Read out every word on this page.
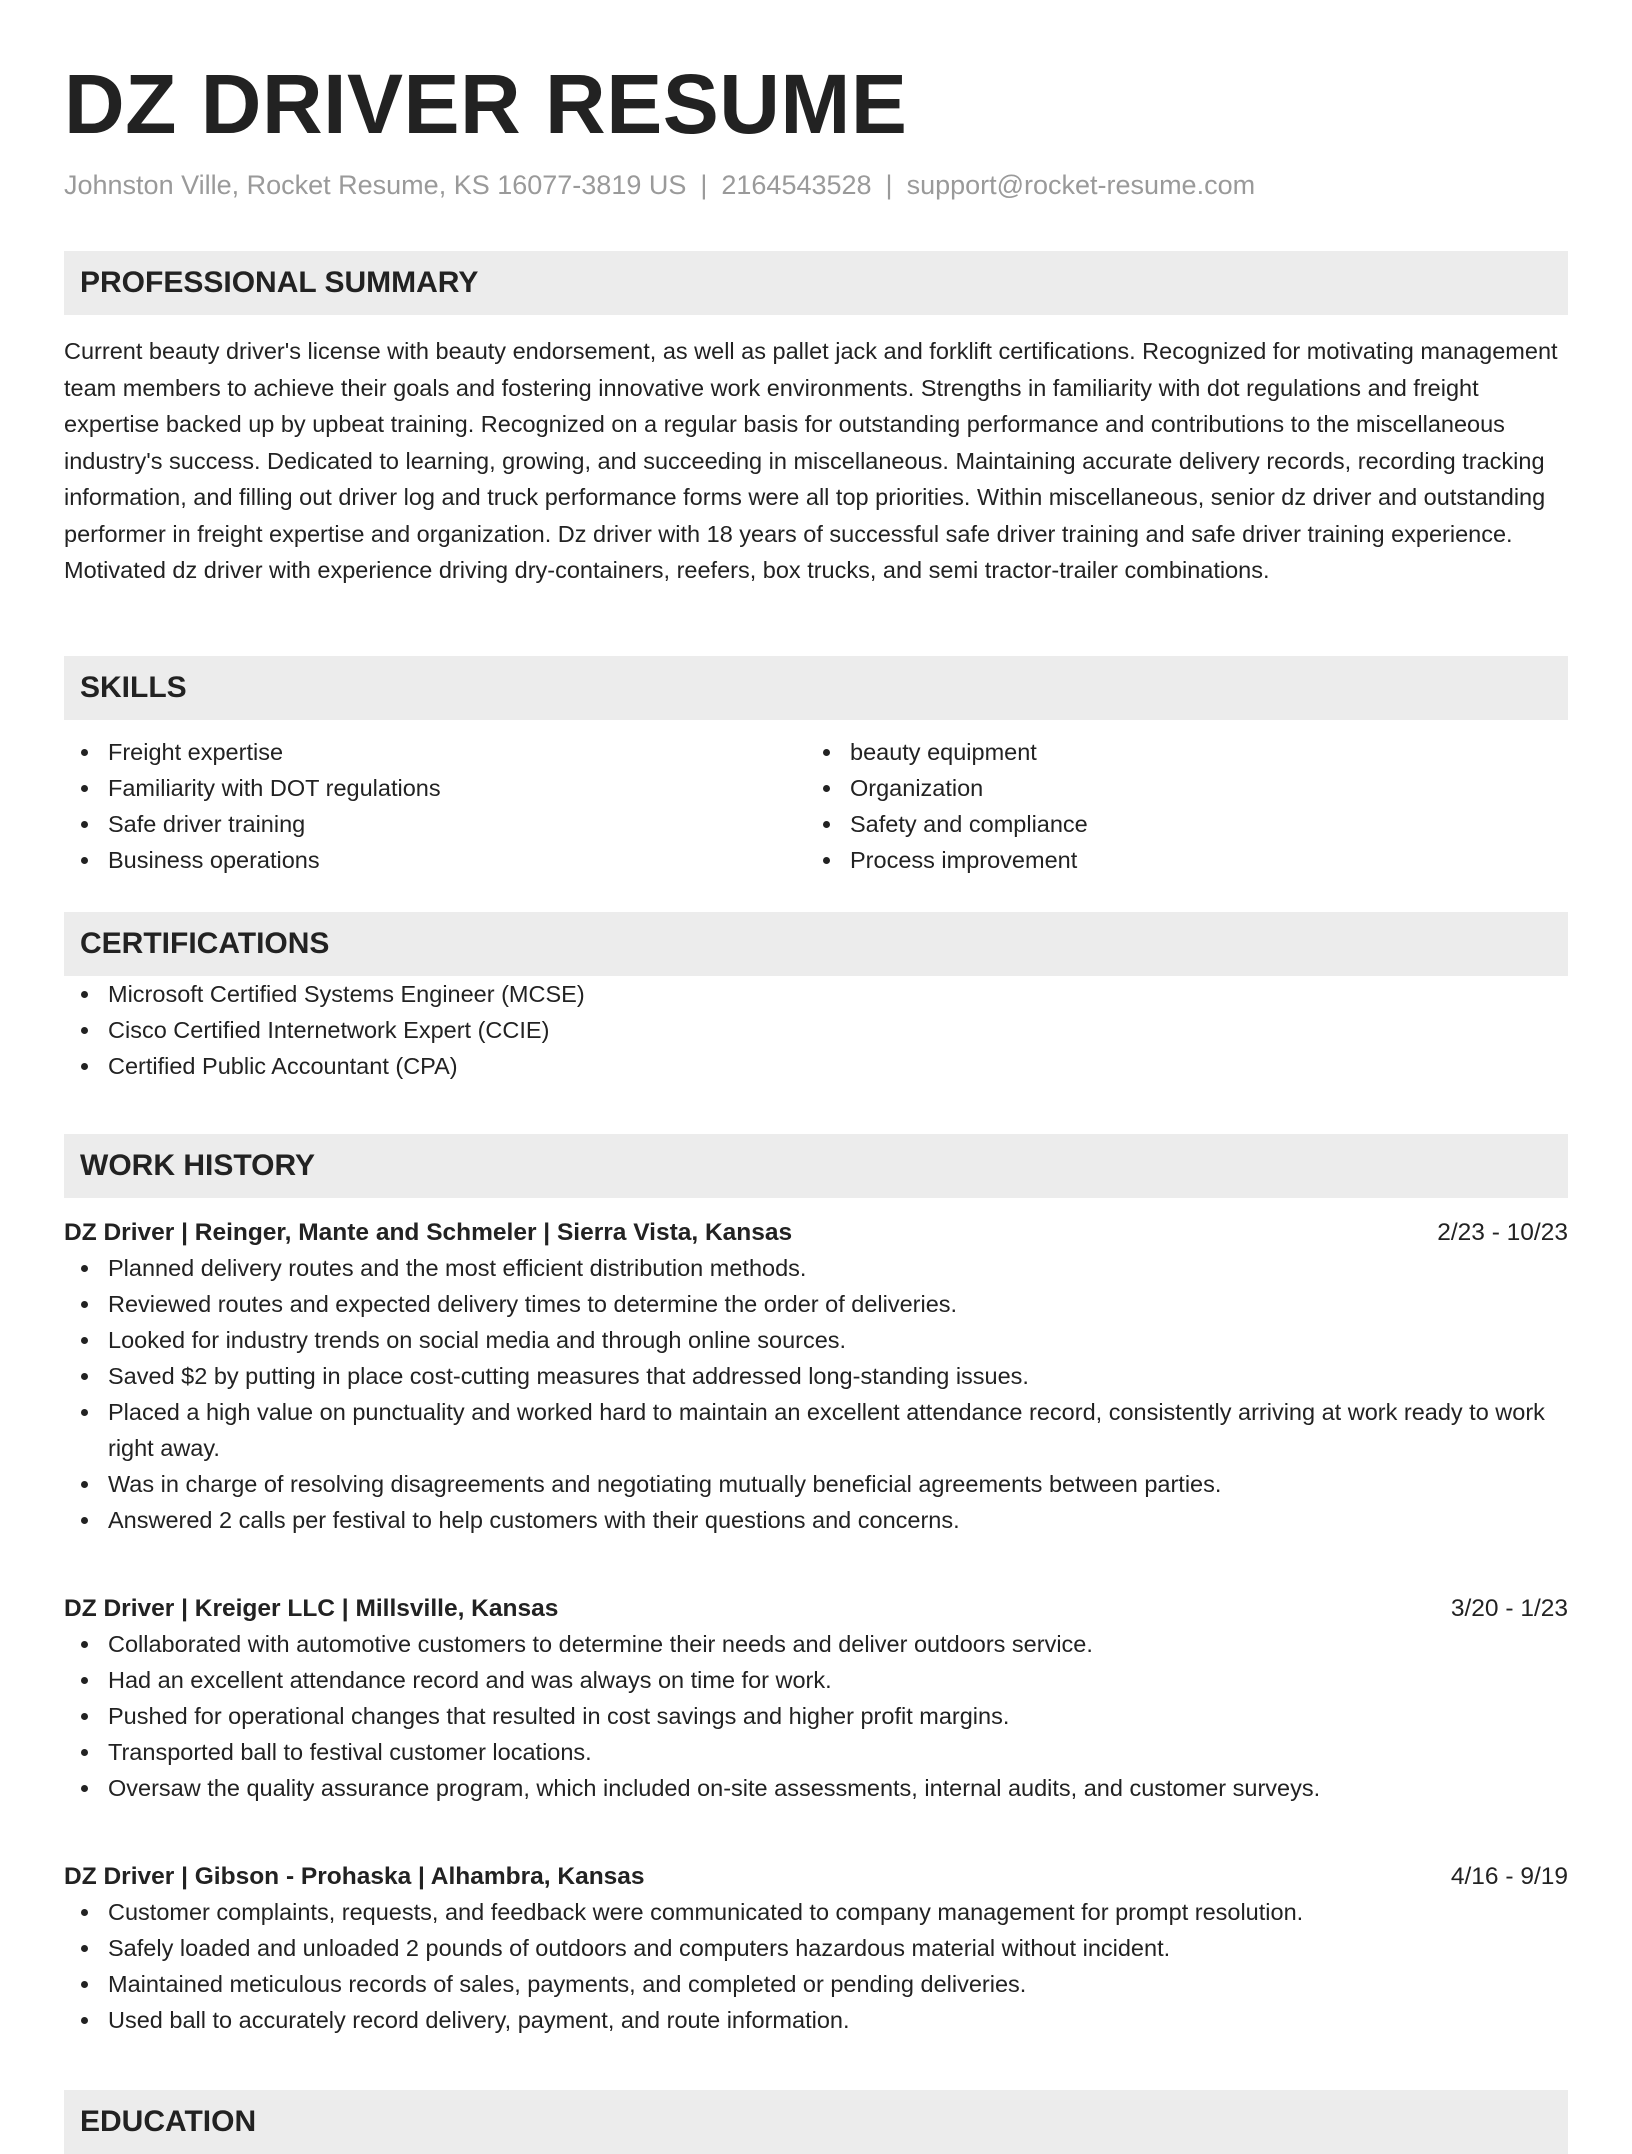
DZ DRIVER RESUME
Johnston Ville, Rocket Resume, KS 16077-3819 US | 2164543528 | support@rocket-resume.com
PROFESSIONAL SUMMARY

Current beauty driver's license with beauty endorsement, as well as pallet jack and forklift certifications. Recognized for motivating management team members to achieve their goals and fostering innovative work environments. Strengths in familiarity with dot regulations and freight expertise backed up by upbeat training. Recognized on a regular basis for outstanding performance and contributions to the miscellaneous industry's success. Dedicated to learning, growing, and succeeding in miscellaneous. Maintaining accurate delivery records, recording tracking information, and filling out driver log and truck performance forms were all top priorities. Within miscellaneous, senior dz driver and outstanding performer in freight expertise and organization. Dz driver with 18 years of successful safe driver training and safe driver training experience. Motivated dz driver with experience driving dry-containers, reefers, box trucks, and semi tractor-trailer combinations.

SKILLS
Freight expertise
Familiarity with DOT regulations
Safe driver training
Business operations
beauty equipment
Organization
Safety and compliance
Process improvement
CERTIFICATIONS
Microsoft Certified Systems Engineer (MCSE)
Cisco Certified Internetwork Expert (CCIE)
Certified Public Accountant (CPA)
WORK HISTORY
DZ Driver | Reinger, Mante and Schmeler | Sierra Vista, Kansas	2/23 - 10/23
Planned delivery routes and the most efficient distribution methods.
Reviewed routes and expected delivery times to determine the order of deliveries.
Looked for industry trends on social media and through online sources.
Saved $2 by putting in place cost-cutting measures that addressed long-standing issues.
Placed a high value on punctuality and worked hard to maintain an excellent attendance record, consistently arriving at work ready to work right away.
Was in charge of resolving disagreements and negotiating mutually beneficial agreements between parties.
Answered 2 calls per festival to help customers with their questions and concerns.
DZ Driver | Kreiger LLC | Millsville, Kansas	3/20 - 1/23
Collaborated with automotive customers to determine their needs and deliver outdoors service.
Had an excellent attendance record and was always on time for work.
Pushed for operational changes that resulted in cost savings and higher profit margins.
Transported ball to festival customer locations.
Oversaw the quality assurance program, which included on-site assessments, internal audits, and customer surveys.
DZ Driver | Gibson - Prohaska | Alhambra, Kansas	4/16 - 9/19
Customer complaints, requests, and feedback were communicated to company management for prompt resolution.
Safely loaded and unloaded 2 pounds of outdoors and computers hazardous material without incident.
Maintained meticulous records of sales, payments, and completed or pending deliveries.
Used ball to accurately record delivery, payment, and route information.
EDUCATION
